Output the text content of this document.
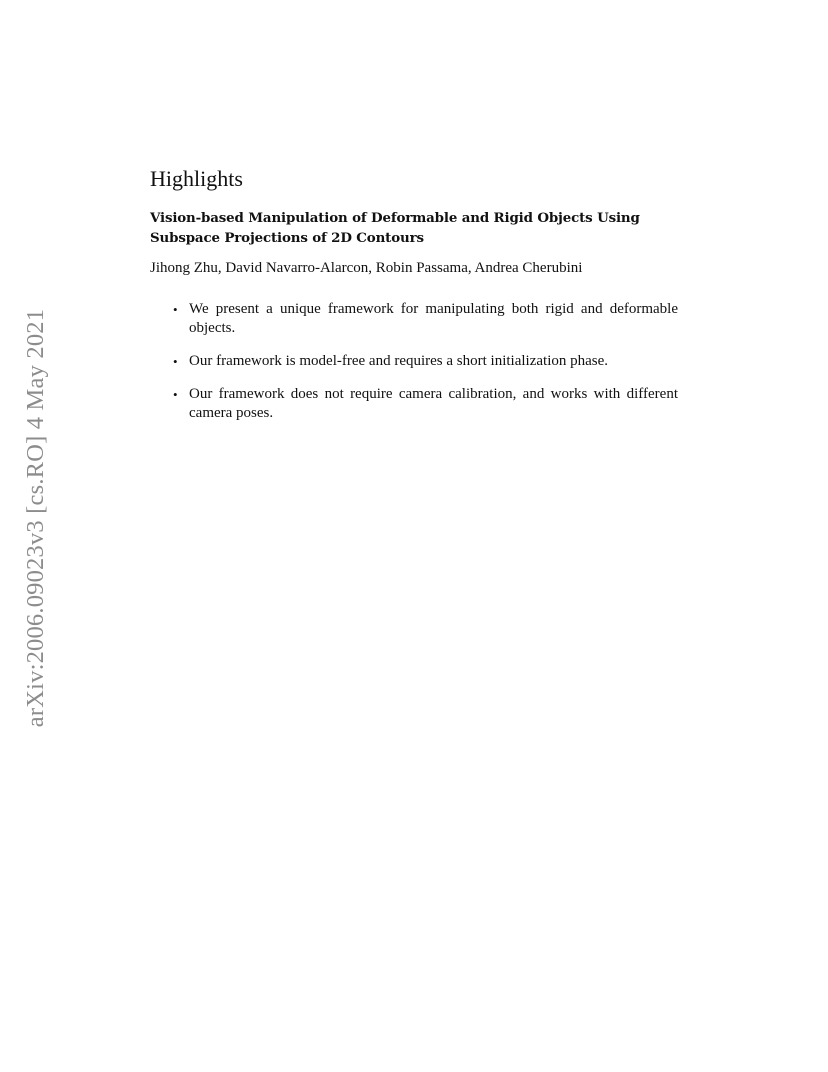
arXiv:2006.09023v3 [cs.RO] 4 May 2021
Highlights
Vision-based Manipulation of Deformable and Rigid Objects Using Subspace Projections of 2D Contours
Jihong Zhu, David Navarro-Alarcon, Robin Passama, Andrea Cherubini
• We present a unique framework for manipulating both rigid and deformable objects.
• Our framework is model-free and requires a short initialization phase.
• Our framework does not require camera calibration, and works with different camera poses.
